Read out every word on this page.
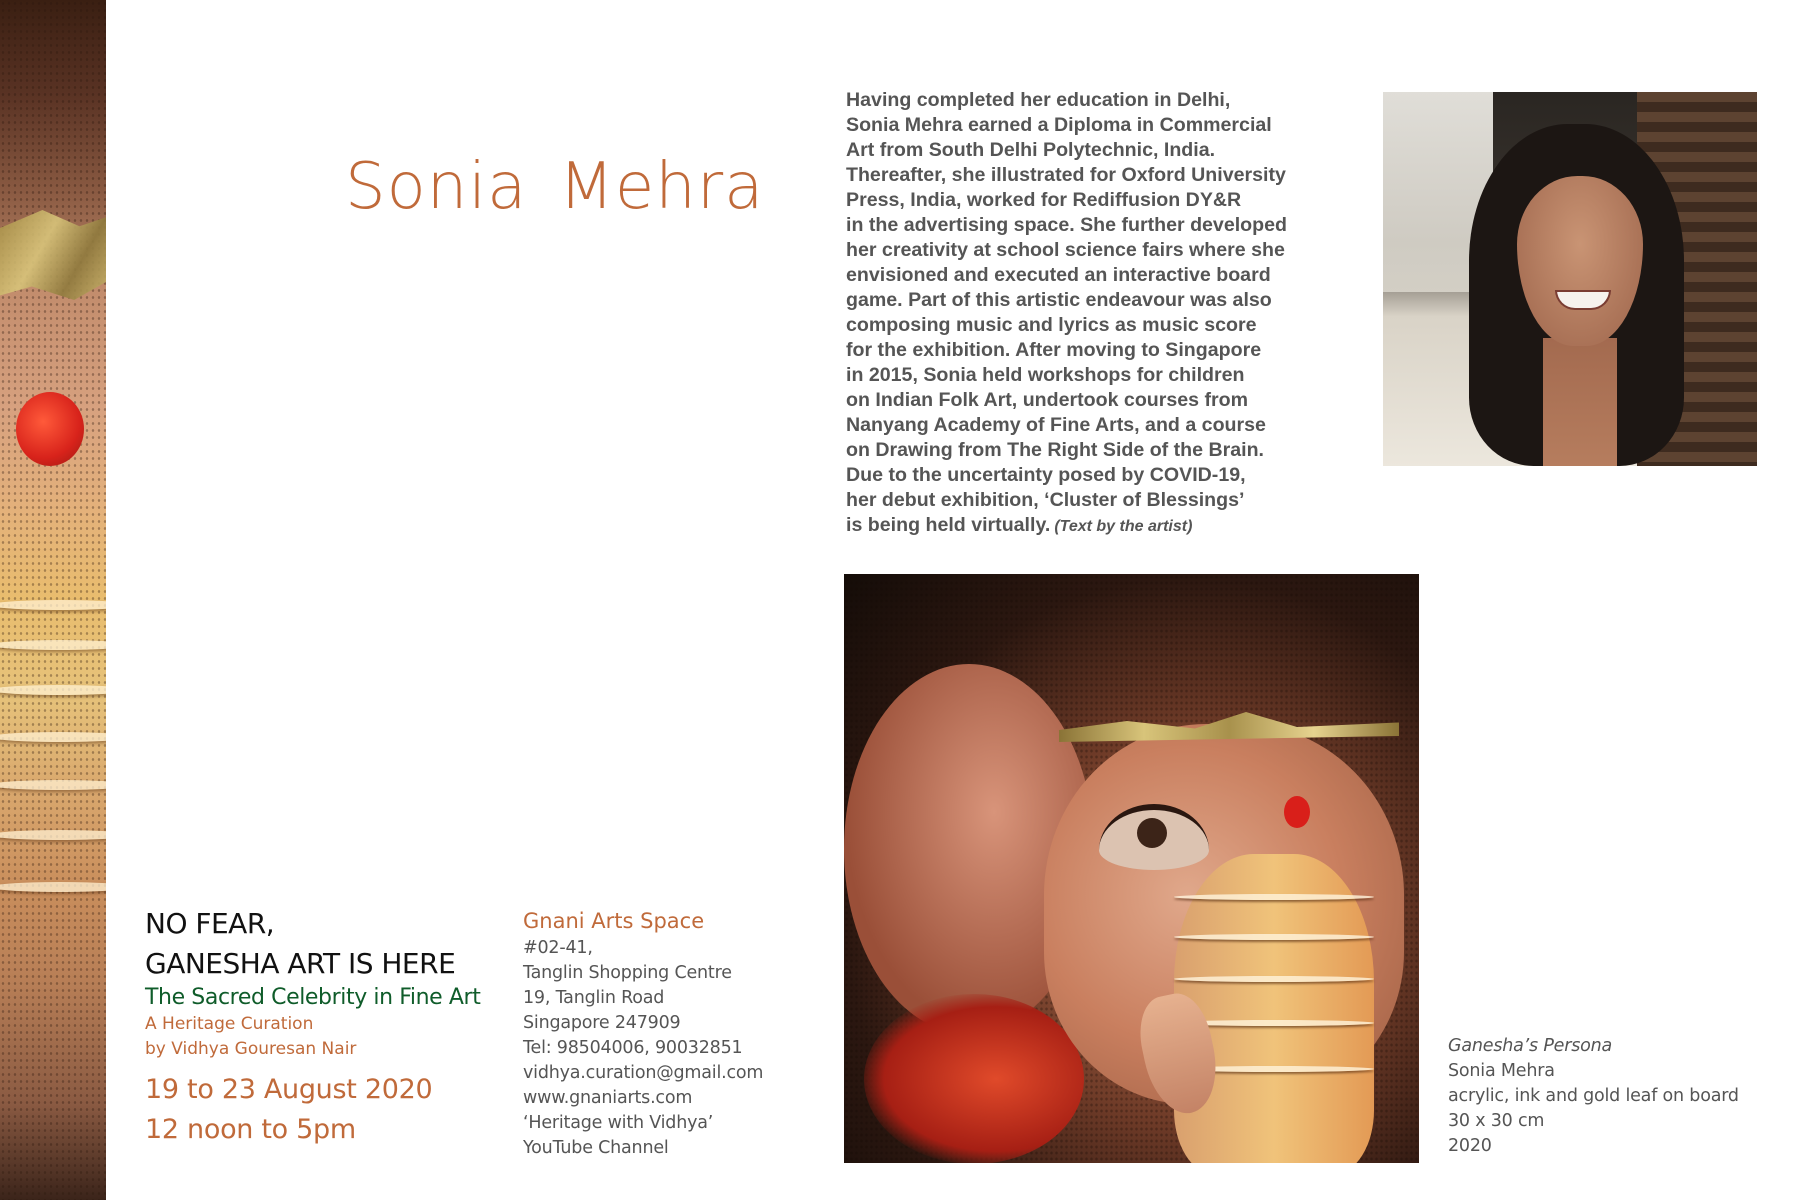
Sonia Mehra
Having completed her education in Delhi,
Sonia Mehra earned a Diploma in Commercial
Art from South Delhi Polytechnic, India.
Thereafter, she illustrated for Oxford University
Press, India, worked for Rediffusion DY&R
in the advertising space. She further developed
her creativity at school science fairs where she
envisioned and executed an interactive board
game. Part of this artistic endeavour was also
composing music and lyrics as music score
for the exhibition. After moving to Singapore
in 2015, Sonia held workshops for children
on Indian Folk Art, undertook courses from
Nanyang Academy of Fine Arts, and a course
on Drawing from The Right Side of the Brain.
Due to the uncertainty posed by COVID-19,
her debut exhibition, ‘Cluster of Blessings’
is being held virtually. (Text by the artist)
NO FEAR,
GANESHA ART IS HERE
The Sacred Celebrity in Fine Art
A Heritage Curation
by Vidhya Gouresan Nair
19 to 23 August 2020
12 noon to 5pm
Gnani Arts Space
#02-41,
Tanglin Shopping Centre
19, Tanglin Road
Singapore 247909
Tel: 98504006, 90032851
vidhya.curation@gmail.com
www.gnaniarts.com
‘Heritage with Vidhya’
YouTube Channel
Ganesha’s Persona
Sonia Mehra
acrylic, ink and gold leaf on board
30 x 30 cm
2020
